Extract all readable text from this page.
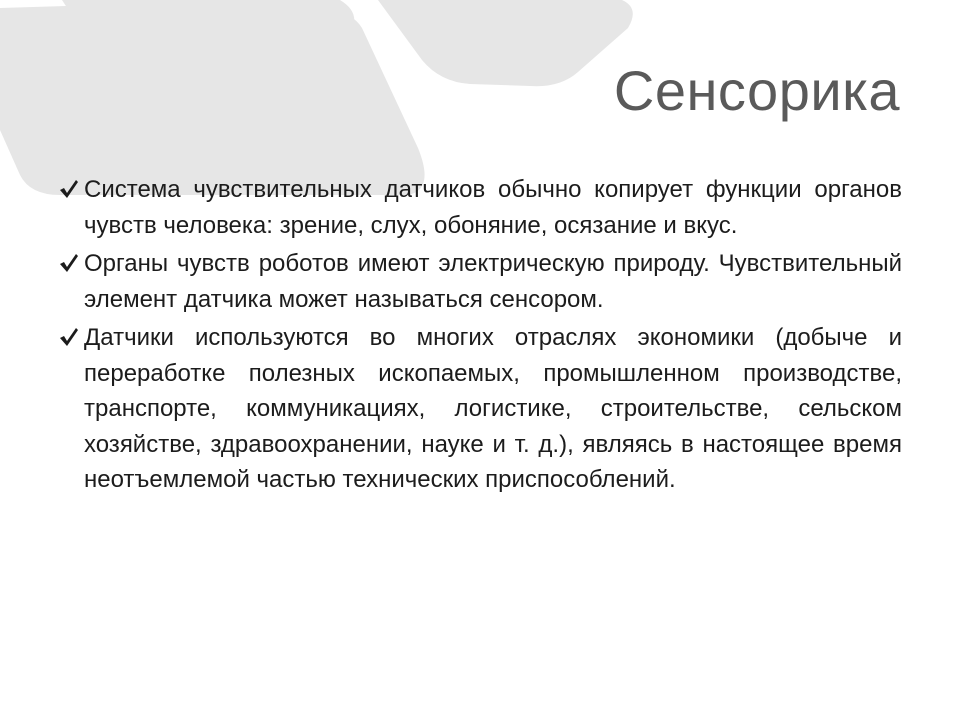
Сенсорика
Система чувствительных датчиков обычно копирует функции органов чувств человека: зрение, слух, обоняние, осязание и вкус.
Органы чувств роботов имеют электрическую природу. Чувствительный элемент датчика может называться сенсором.
Датчики используются во многих отраслях экономики (добыче и переработке полезных ископаемых, промышленном производстве, транспорте, коммуникациях, логистике, строительстве, сельском хозяйстве, здравоохранении, науке и т. д.), являясь в настоящее время неотъемлемой частью технических приспособлений.
